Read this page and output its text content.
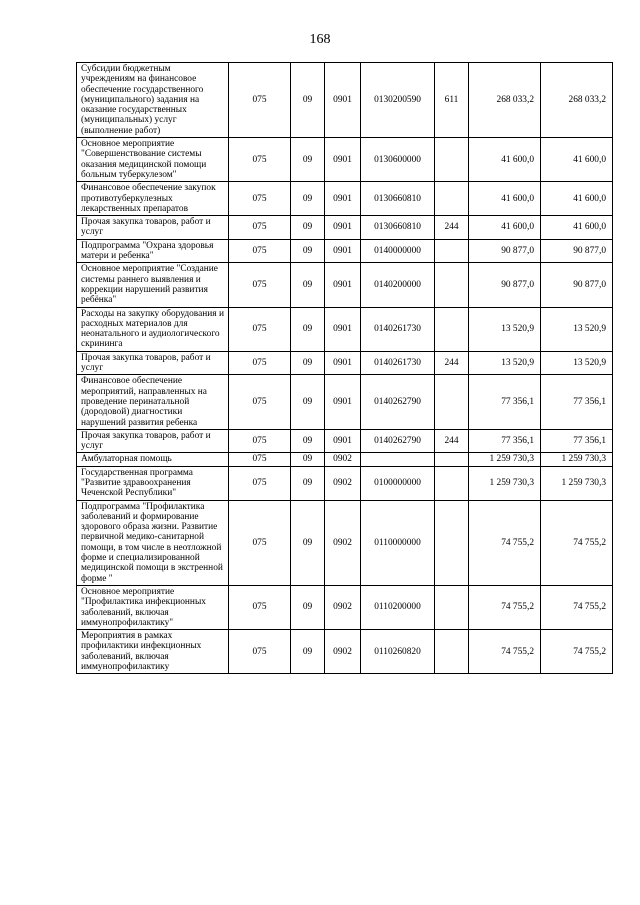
168
Субсидии бюджетным учреждениям на финансовое обеспечение государственного (муниципального) задания на оказание государственных (муниципальных) услуг (выполнение работ)	075	09	0901	0130200590	611	268 033,2	268 033,2
Основное мероприятие "Совершенствование системы оказания медицинской помощи больным туберкулезом"	075	09	0901	0130600000		41 600,0	41 600,0
Финансовое обеспечение закупок противотуберкулезных лекарственных препаратов	075	09	0901	0130660810		41 600,0	41 600,0
Прочая закупка товаров, работ и услуг	075	09	0901	0130660810	244	41 600,0	41 600,0
Подпрограмма "Охрана здоровья матери и ребенка"	075	09	0901	0140000000		90 877,0	90 877,0
Основное мероприятие "Создание системы раннего выявления и коррекции нарушений развития ребёнка"	075	09	0901	0140200000		90 877,0	90 877,0
Расходы на закупку оборудования и расходных материалов для неонатального и аудиологического скрининга	075	09	0901	0140261730		13 520,9	13 520,9
Прочая закупка товаров, работ и услуг	075	09	0901	0140261730	244	13 520,9	13 520,9
Финансовое обеспечение мероприятий, направленных на проведение перинатальной (дородовой) диагностики нарушений развития ребенка	075	09	0901	0140262790		77 356,1	77 356,1
Прочая закупка товаров, работ и услуг	075	09	0901	0140262790	244	77 356,1	77 356,1
Амбулаторная помощь	075	09	0902			1 259 730,3	1 259 730,3
Государственная программа "Развитие здравоохранения Чеченской Республики"	075	09	0902	0100000000		1 259 730,3	1 259 730,3
Подпрограмма "Профилактика заболеваний и формирование здорового образа жизни. Развитие первичной медико-санитарной помощи, в том числе в неотложной форме и специализированной медицинской помощи в экстренной форме "	075	09	0902	0110000000		74 755,2	74 755,2
Основное мероприятие "Профилактика инфекционных заболеваний, включая иммунопрофилактику"	075	09	0902	0110200000		74 755,2	74 755,2
Мероприятия в рамках профилактики инфекционных заболеваний, включая иммунопрофилактику	075	09	0902	0110260820		74 755,2	74 755,2
